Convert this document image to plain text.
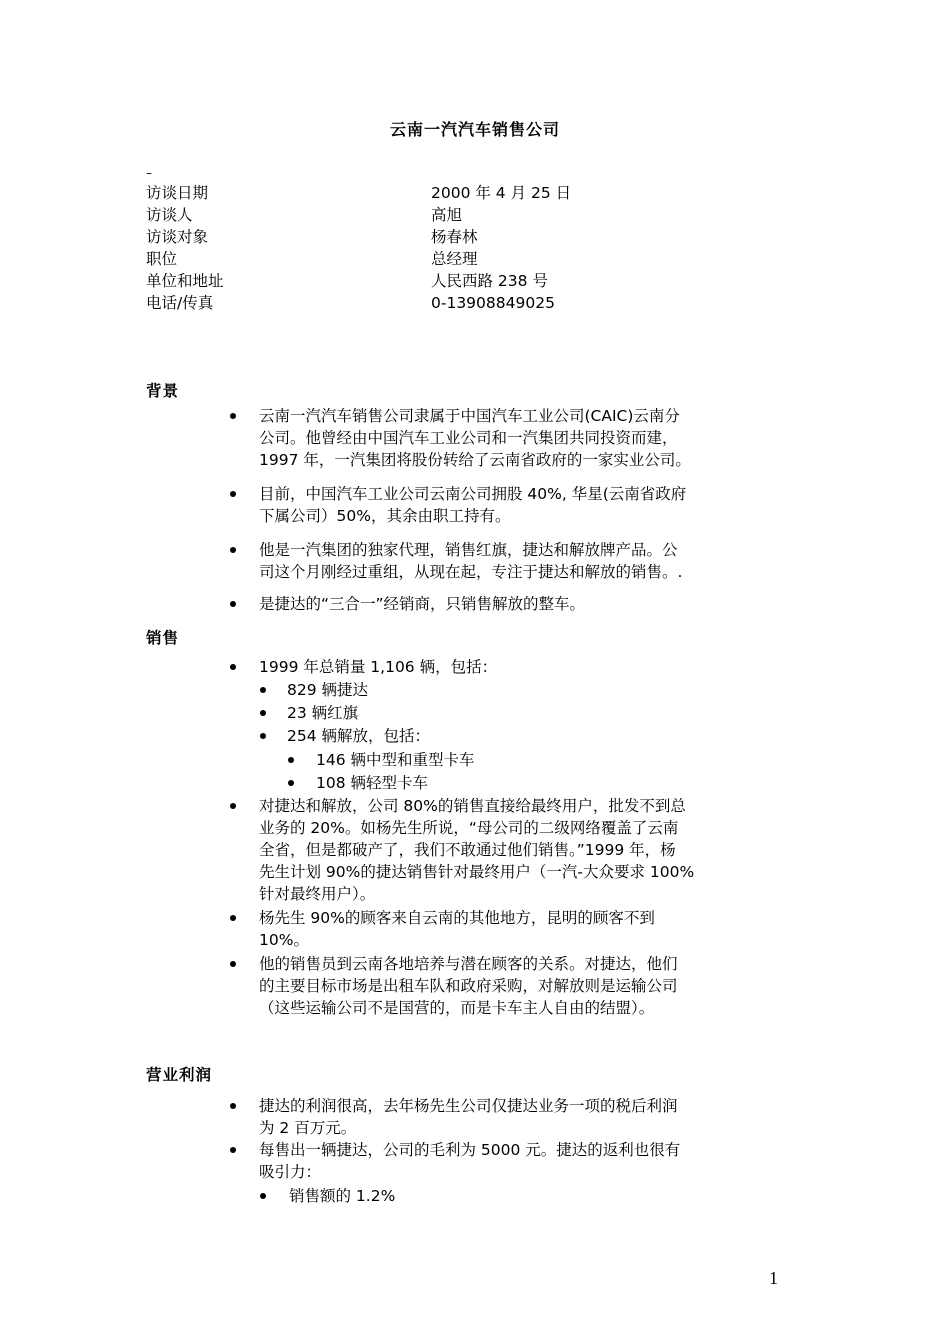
云南一汽汽车销售公司
–
访谈日期	2000 年 4 月 25 日
访谈人	高旭
访谈对象	杨春林
职位	总经理
单位和地址	人民西路 238 号
电话/传真	0-13908849025
背景
云南一汽汽车销售公司隶属于中国汽车工业公司(CAIC)云南分
公司。他曾经由中国汽车工业公司和一汽集团共同投资而建，
1997 年，一汽集团将股份转给了云南省政府的一家实业公司。
目前，中国汽车工业公司云南公司拥股 40%, 华星(云南省政府
下属公司）50%，其余由职工持有。
他是一汽集团的独家代理，销售红旗，捷达和解放牌产品。公
司这个月刚经过重组，从现在起，专注于捷达和解放的销售。.
是捷达的“三合一”经销商，只销售解放的整车。
销售
1999 年总销量 1,106 辆，包括：
829 辆捷达
23 辆红旗
254 辆解放，包括：
146 辆中型和重型卡车
108 辆轻型卡车
对捷达和解放，公司 80%的销售直接给最终用户，批发不到总
业务的 20%。如杨先生所说，“母公司的二级网络覆盖了云南
全省，但是都破产了，我们不敢通过他们销售。”1999 年，杨
先生计划 90%的捷达销售针对最终用户（一汽-大众要求 100%
针对最终用户）。
杨先生 90%的顾客来自云南的其他地方，昆明的顾客不到
10%。
他的销售员到云南各地培养与潜在顾客的关系。对捷达，他们
的主要目标市场是出租车队和政府采购，对解放则是运输公司
（这些运输公司不是国营的，而是卡车主人自由的结盟）。
营业利润
捷达的利润很高，去年杨先生公司仅捷达业务一项的税后利润
为 2 百万元。
每售出一辆捷达，公司的毛利为 5000 元。捷达的返利也很有
吸引力：
销售额的 1.2%
1
